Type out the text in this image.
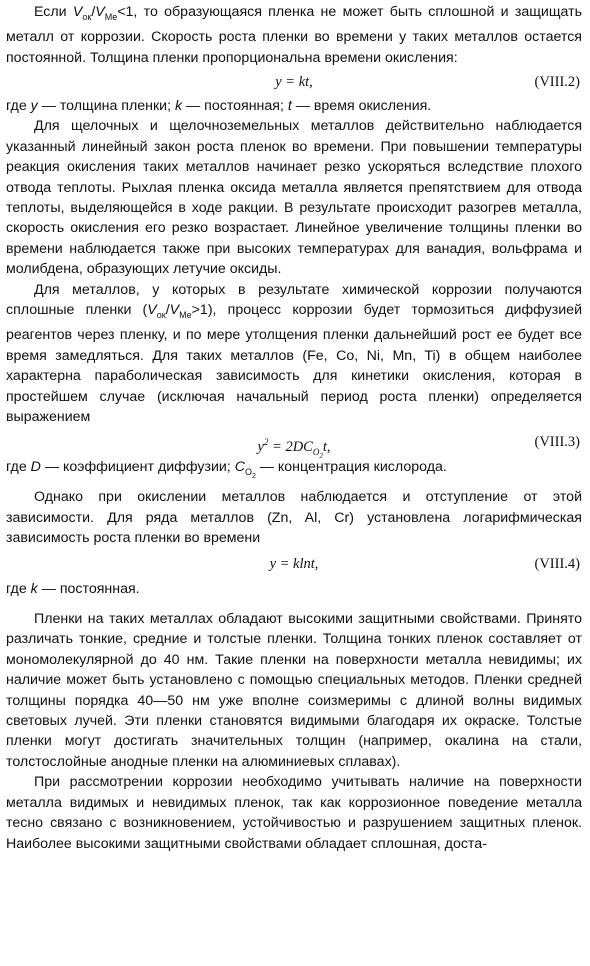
Если $V_{ок}/V_{Me}<1$, то образующаяся пленка не может быть сплошной и защищать металл от коррозии. Скорость роста пленки во времени у таких металлов остается постоянной. Толщина пленки пропорциональна времени окисления:

y = kt,	(VIII.2)

где y — толщина пленки; k — постоянная; t — время окисления.

Для щелочных и щелочноземельных металлов действительно наблюдается указанный линейный закон роста пленок во времени. При повышении температуры реакция окисления таких металлов начинает резко ускоряться вследствие плохого отвода теплоты. Рыхлая пленка оксида металла является препятствием для отвода теплоты, выделяющейся в ходе ракции. В результате происходит разогрев металла, скорость окисления его резко возрастает. Линейное увеличение толщины пленки во времени наблюдается также при высоких температурах для ванадия, вольфрама и молибдена, образующих летучие оксиды.

Для металлов, у которых в результате химической коррозии получаются сплошные пленки $(V_{ок}/V_{Me}>1)$, процесс коррозии будет тормозиться диффузией реагентов через пленку, и по мере утолщения пленки дальнейший рост ее будет все время замедляться. Для таких металлов (Fe, Co, Ni, Mn, Ti) в общем наиболее характерна параболическая зависимость для кинетики окисления, которая в простейшем случае (исключая начальный период роста пленки) определяется выражением

$y^2 = 2DC_{O_2}t$,	(VIII.3)

где D — коэффициент диффузии; $C_{O_2}$ — концентрация кислорода.

Однако при окислении металлов наблюдается и отступление от этой зависимости. Для ряда металлов (Zn, Al, Cr) установлена логарифмическая зависимость роста пленки во времени

y = klnt,	(VIII.4)

где k — постоянная.

Пленки на таких металлах обладают высокими защитными свойствами. Принято различать тонкие, средние и толстые пленки. Толщина тонких пленок составляет от мономолекулярной до 40 нм. Такие пленки на поверхности металла невидимы; их наличие может быть установлено с помощью специальных методов. Пленки средней толщины порядка 40—50 нм уже вполне соизмеримы с длиной волны видимых световых лучей. Эти пленки становятся видимыми благодаря их окраске. Толстые пленки могут достигать значительных толщин (например, окалина на стали, толстослойные анодные пленки на алюминиевых сплавах).

При рассмотрении коррозии необходимо учитывать наличие на поверхности металла видимых и невидимых пленок, так как коррозионное поведение металла тесно связано с возникновением, устойчивостью и разрушением защитных пленок. Наиболее высокими защитными свойствами обладает сплошная, доста-
